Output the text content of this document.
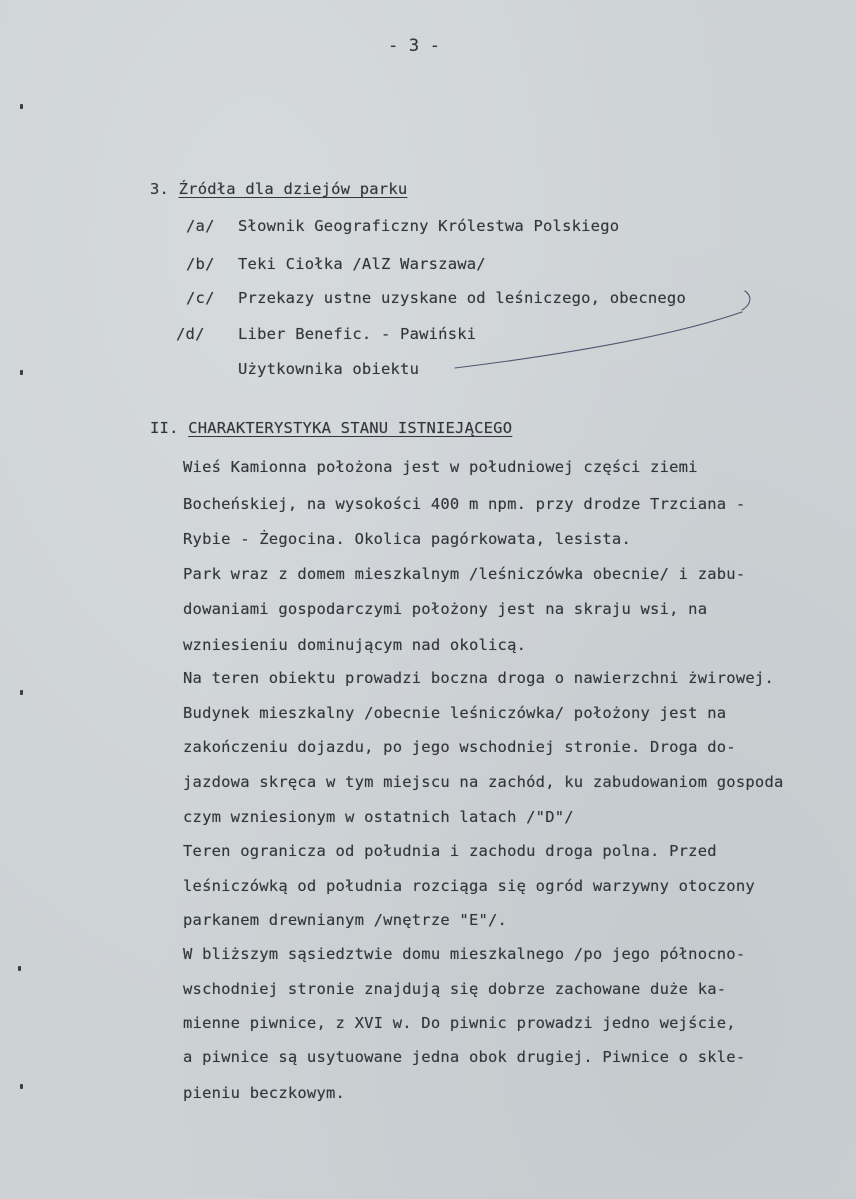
- 3 -
3. Źródła dla dziejów parku
/a/ Słownik Geograficzny Królestwa Polskiego
/b/ Teki Ciołka /AlZ Warszawa/
/c/ Przekazy ustne uzyskane od leśniczego, obecnego
/d/ Liber Benefic. - Pawiński
Użytkownika obiektu
II. CHARAKTERYSTYKA STANU ISTNIEJĄCEGO
Wieś Kamionna położona jest w południowej części ziemi
Bocheńskiej, na wysokości 400 m npm. przy drodze Trzciana -
Rybie - Żegocina. Okolica pagórkowata, lesista.
Park wraz z domem mieszkalnym /leśniczówka obecnie/ i zabu-
dowaniami gospodarczymi położony jest na skraju wsi, na
wzniesieniu dominującym nad okolicą.
Na teren obiektu prowadzi boczna droga o nawierzchni żwirowej.
Budynek mieszkalny /obecnie leśniczówka/ położony jest na
zakończeniu dojazdu, po jego wschodniej stronie. Droga do-
jazdowa skręca w tym miejscu na zachód, ku zabudowaniom gospoda
czym wzniesionym w ostatnich latach /"D"/
Teren ogranicza od południa i zachodu droga polna. Przed
leśniczówką od południa rozciąga się ogród warzywny otoczony
parkanem drewnianym /wnętrze "E"/.
W bliższym sąsiedztwie domu mieszkalnego /po jego północno-
wschodniej stronie znajdują się dobrze zachowane duże ka-
mienne piwnice, z XVI w. Do piwnic prowadzi jedno wejście,
a piwnice są usytuowane jedna obok drugiej. Piwnice o skle-
pieniu beczkowym.
